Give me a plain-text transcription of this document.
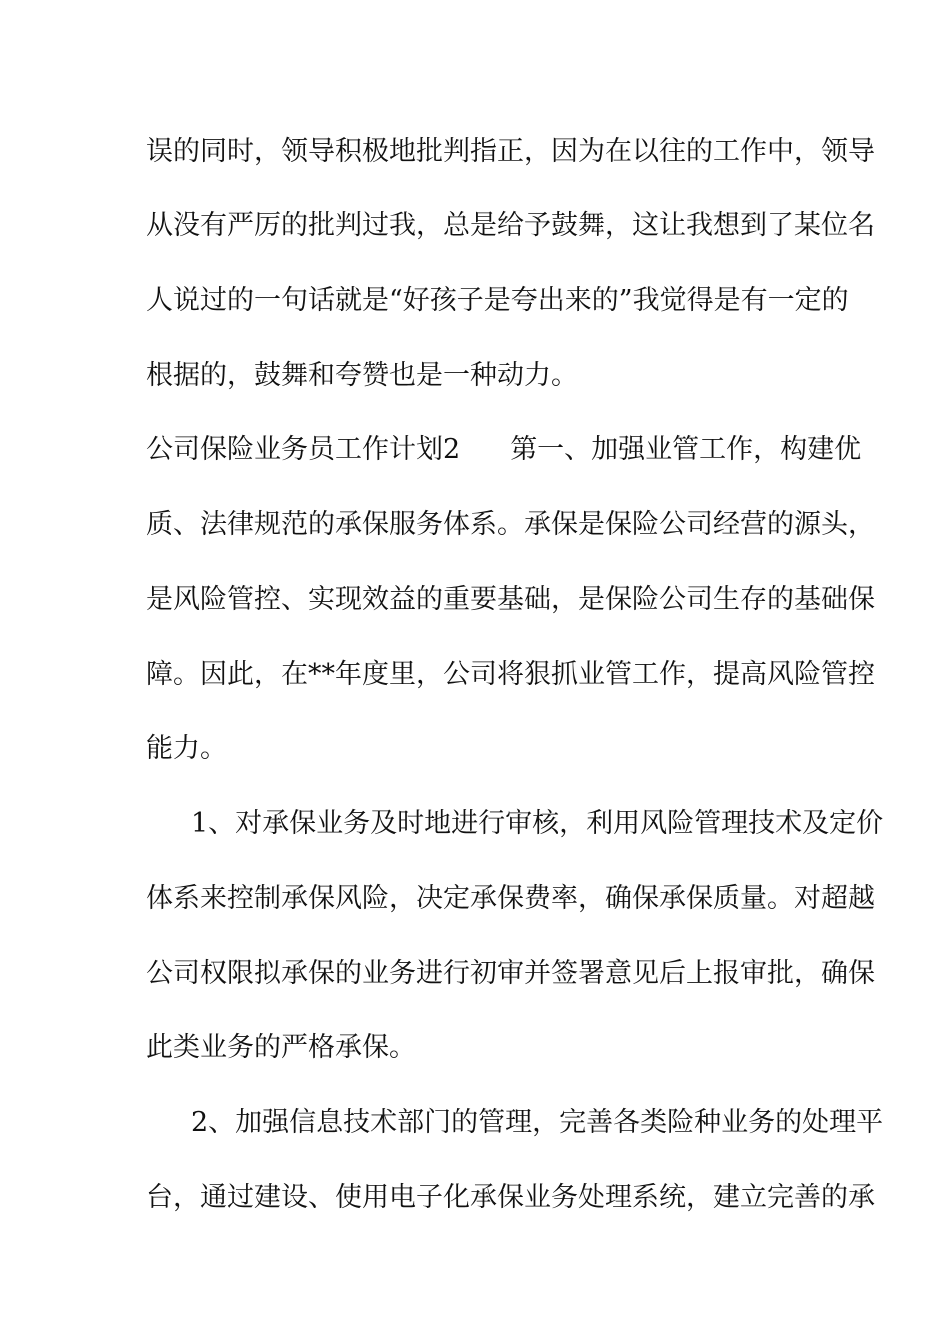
误的同时，领导积极地批判指正，因为在以往的工作中，领导

从没有严厉的批判过我，总是给予鼓舞，这让我想到了某位名

人说过的一句话就是“好孩子是夸出来的”我觉得是有一定的

根据的，鼓舞和夸赞也是一种动力。

公司保险业务员工作计划2 第一、加强业管工作，构建优

质、法律规范的承保服务体系。承保是保险公司经营的源头，

是风险管控、实现效益的重要基础，是保险公司生存的基础保

障。因此，在**年度里，公司将狠抓业管工作，提高风险管控

能力。

1、对承保业务及时地进行审核，利用风险管理技术及定价

体系来控制承保风险，决定承保费率，确保承保质量。对超越

公司权限拟承保的业务进行初审并签署意见后上报审批，确保

此类业务的严格承保。

2、加强信息技术部门的管理，完善各类险种业务的处理平

台，通过建设、使用电子化承保业务处理系统，建立完善的承
